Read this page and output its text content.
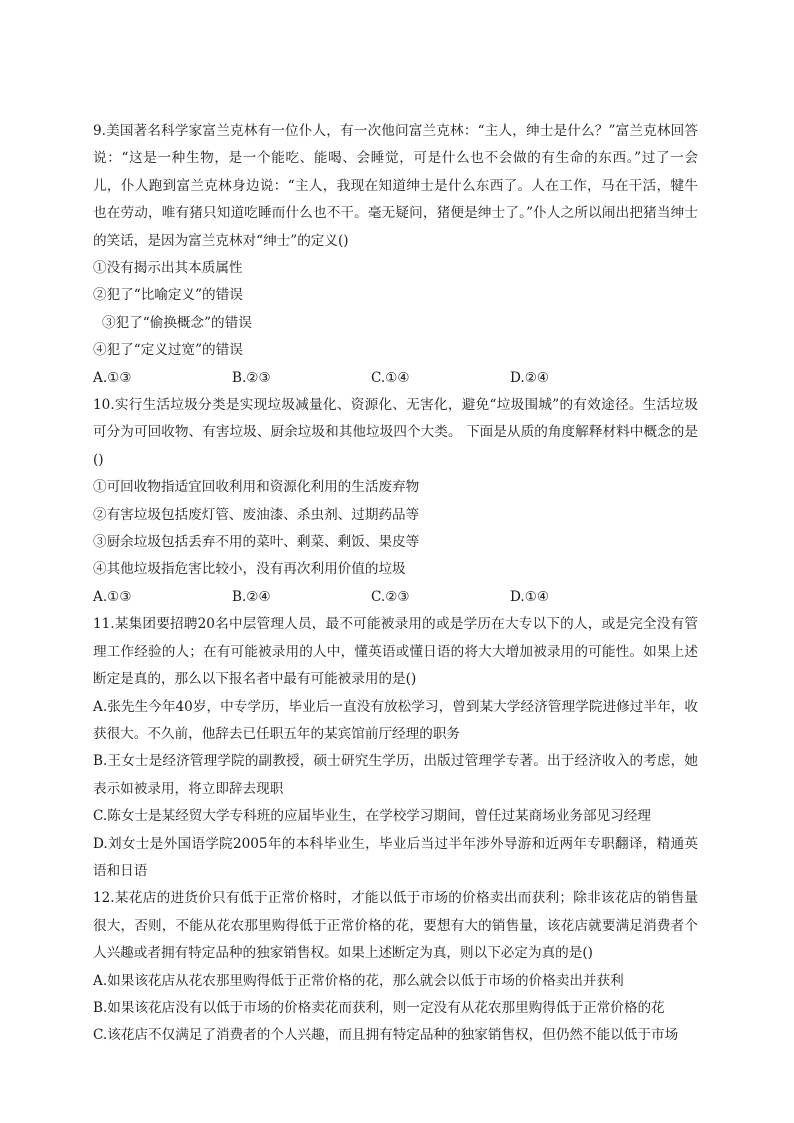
9.美国著名科学家富兰克林有一位仆人，有一次他问富兰克林：“主人，绅士是什么？”富兰克林回答说：“这是一种生物，是一个能吃、能喝、会睡觉，可是什么也不会做的有生命的东西。”过了一会儿，仆人跑到富兰克林身边说：“主人，我现在知道绅士是什么东西了。人在工作，马在干活，犍牛也在劳动，唯有猪只知道吃睡而什么也不干。毫无疑问，猪便是绅士了。”仆人之所以闹出把猪当绅士的笑话，是因为富兰克林对“绅士”的定义()

①没有揭示出其本质属性

②犯了“比喻定义”的错误

③犯了“偷换概念”的错误

④犯了“定义过宽”的错误

A.①③	B.②③	C.①④	D.②④

10.实行生活垃圾分类是实现垃圾减量化、资源化、无害化，避免“垃圾围城”的有效途径。生活垃圾可分为可回收物、有害垃圾、厨余垃圾和其他垃圾四个大类。 下面是从质的角度解释材料中概念的是()

①可回收物指适宜回收利用和资源化利用的生活废弃物

②有害垃圾包括废灯管、废油漆、杀虫剂、过期药品等

③厨余垃圾包括丢弃不用的菜叶、剩菜、剩饭、果皮等

④其他垃圾指危害比较小，没有再次利用价值的垃圾

A.①③	B.②④	C.②③	D.①④

11.某集团要招聘20名中层管理人员，最不可能被录用的或是学历在大专以下的人，或是完全没有管理工作经验的人；在有可能被录用的人中，懂英语或懂日语的将大大增加被录用的可能性。如果上述断定是真的，那么以下报名者中最有可能被录用的是()

A.张先生今年40岁，中专学历，毕业后一直没有放松学习，曾到某大学经济管理学院进修过半年，收获很大。不久前，他辞去已任职五年的某宾馆前厅经理的职务

B.王女士是经济管理学院的副教授，硕士研究生学历，出版过管理学专著。出于经济收入的考虑，她表示如被录用，将立即辞去现职

C.陈女士是某经贸大学专科班的应届毕业生，在学校学习期间，曾任过某商场业务部见习经理

D.刘女士是外国语学院2005年的本科毕业生，毕业后当过半年涉外导游和近两年专职翻译，精通英语和日语

12.某花店的进货价只有低于正常价格时，才能以低于市场的价格卖出而获利；除非该花店的销售量很大，否则，不能从花农那里购得低于正常价格的花，要想有大的销售量，该花店就要满足消费者个人兴趣或者拥有特定品种的独家销售权。如果上述断定为真，则以下必定为真的是()

A.如果该花店从花农那里购得低于正常价格的花，那么就会以低于市场的价格卖出并获利

B.如果该花店没有以低于市场的价格卖花而获利，则一定没有从花农那里购得低于正常价格的花

C.该花店不仅满足了消费者的个人兴趣，而且拥有特定品种的独家销售权，但仍然不能以低于市场
